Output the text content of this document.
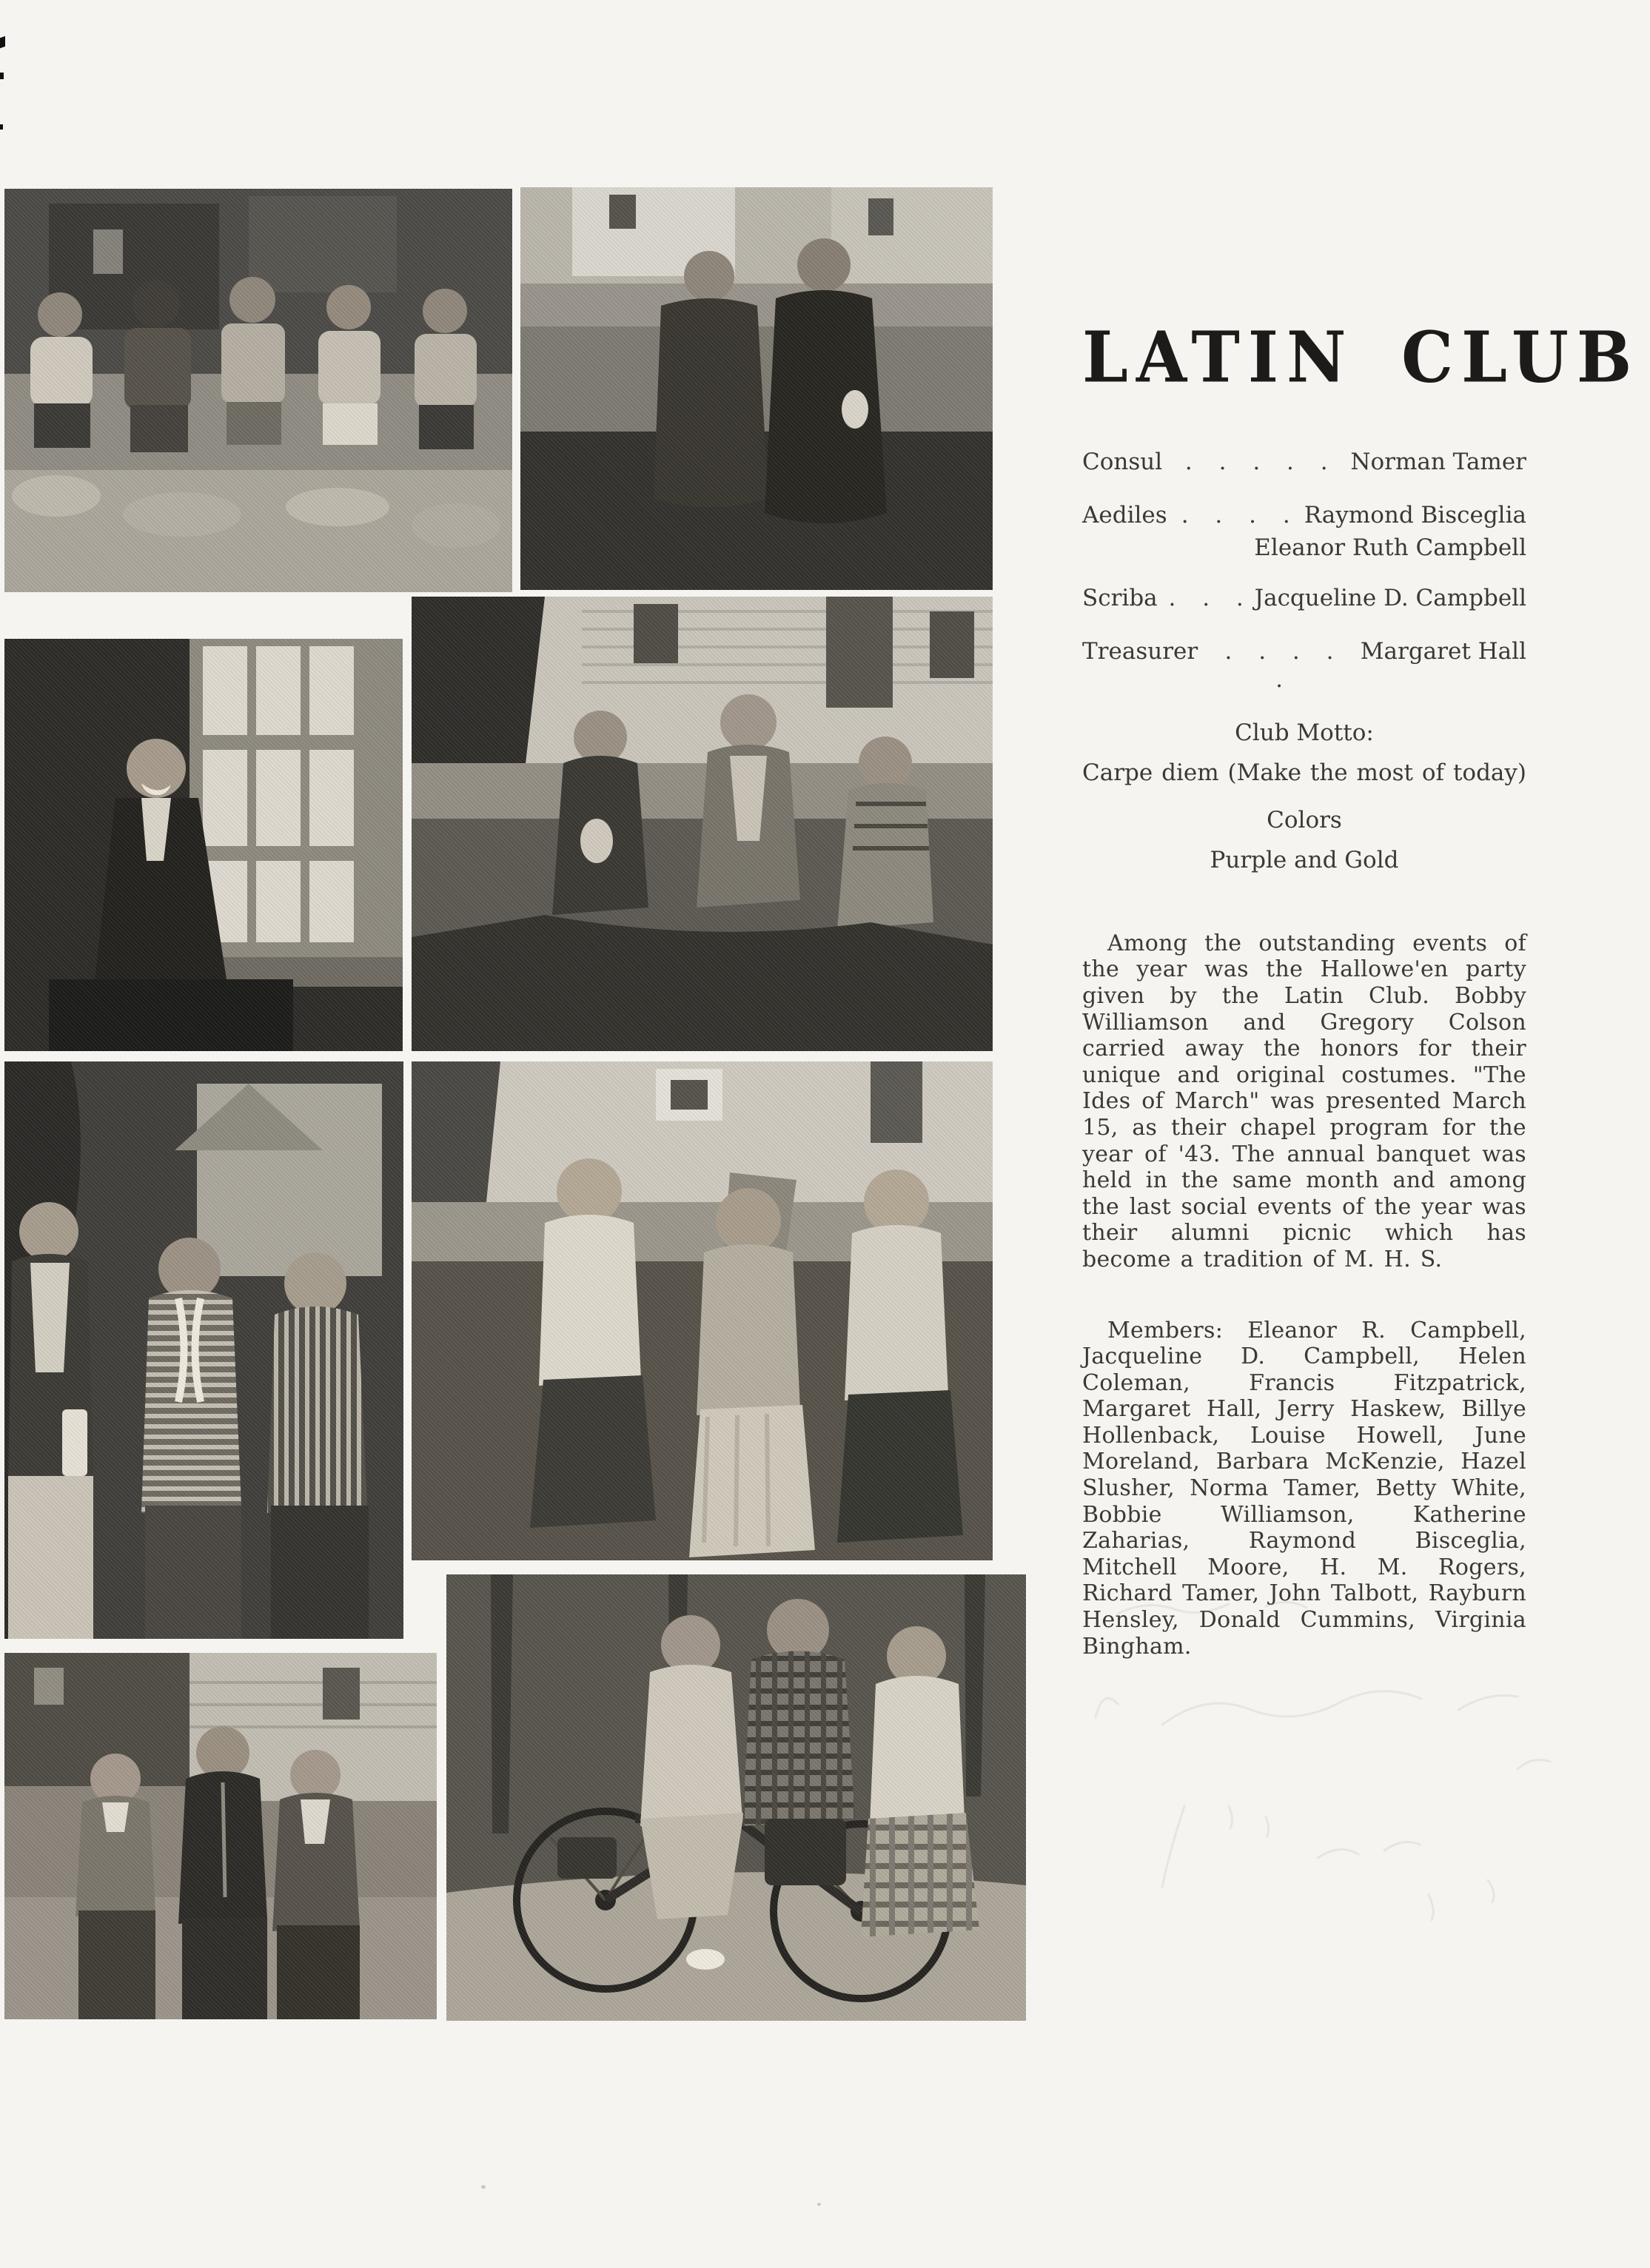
LATIN CLUB
Consul . . . . . Norman Tamer
Aediles . . . . Raymond Bisceglia
Eleanor Ruth Campbell
Scriba . . . Jacqueline D. Campbell
Treasurer	. . . . .
Margaret Hall
Club Motto:
Carpe diem (Make the most of today)
Colors
Purple and Gold

Among the outstanding events of the year was the Hallowe'en party given by the Latin Club. Bobby Williamson and Gregory Colson carried away the honors for their unique and original costumes. "The Ides of March" was presented March 15, as their chapel program for the year of '43. The annual banquet was held in the same month and among the last social events of the year was their alumni picnic which has become a tradition of M. H. S.

Members: Eleanor R. Campbell, Jacqueline D. Campbell, Helen Coleman, Francis Fitzpatrick, Margaret Hall, Jerry Haskew, Billye Hollenback, Louise Howell, June Moreland, Barbara McKenzie, Hazel Slusher, Norma Tamer, Betty White, Bobbie Williamson, Katherine Zaharias, Raymond Bisceglia, Mitchell Moore, H. M. Rogers, Richard Tamer, John Talbott, Rayburn Hensley, Donald Cummins, Virginia Bingham.
